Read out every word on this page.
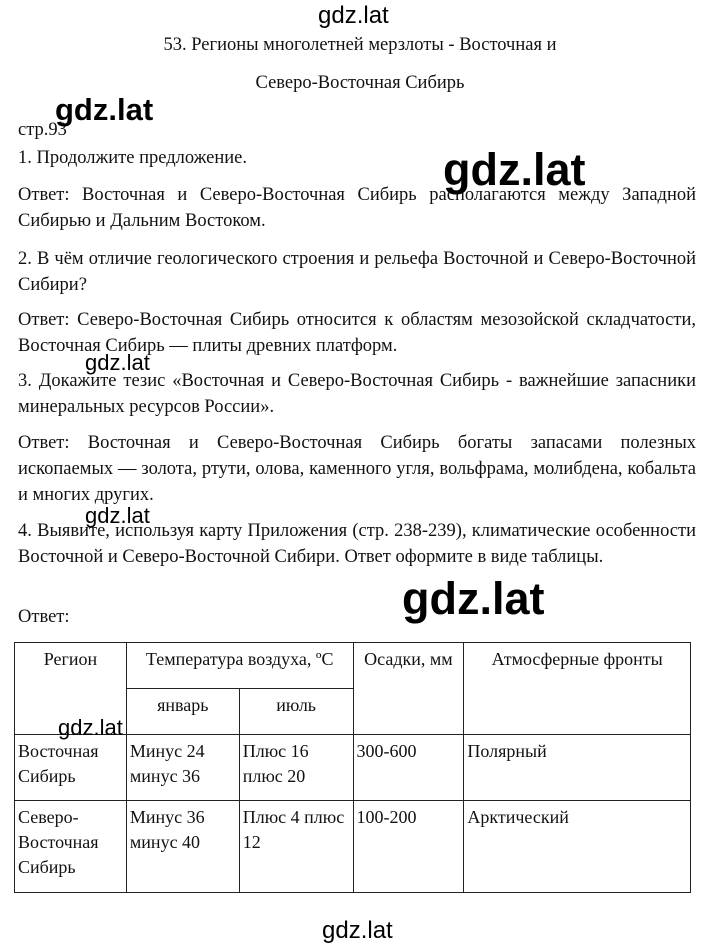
53. Регионы многолетней мерзлоты - Восточная и
Северо-Восточная Сибирь

стр.93

1. Продолжите предложение.

Ответ: Восточная и Северо-Восточная Сибирь располагаются между Западной Сибирью и Дальним Востоком.

2. В чём отличие геологического строения и рельефа Восточной и Северо-Восточной Сибири?

Ответ: Северо-Восточная Сибирь относится к областям мезозойской складчатости, Восточная Сибирь — плиты древних платформ.

3. Докажите тезис «Восточная и Северо-Восточная Сибирь - важнейшие запасники минеральных ресурсов России».

Ответ: Восточная и Северо-Восточная Сибирь богаты запасами полезных ископаемых — золота, ртути, олова, каменного угля, вольфрама, молибдена, кобальта и многих других.

4. Выявите, используя карту Приложения (стр. 238-239), климатические особенности Восточной и Северо-Восточной Сибири. Ответ оформите в виде таблицы.

Ответ:

Регион	Температура воздуха, ºС		Осадки, мм	Атмосферные фронты
	январь	июль		
Восточная Сибирь	Минус 24 минус 36	Плюс 16 плюс 20	300-600	Полярный
Северо-Восточная Сибирь	Минус 36 минус 40	Плюс 4 плюс 12	100-200	Арктический
gdz.lat
gdz.lat
gdz.lat
gdz.lat
gdz.lat
gdz.lat
gdz.lat
gdz.lat
